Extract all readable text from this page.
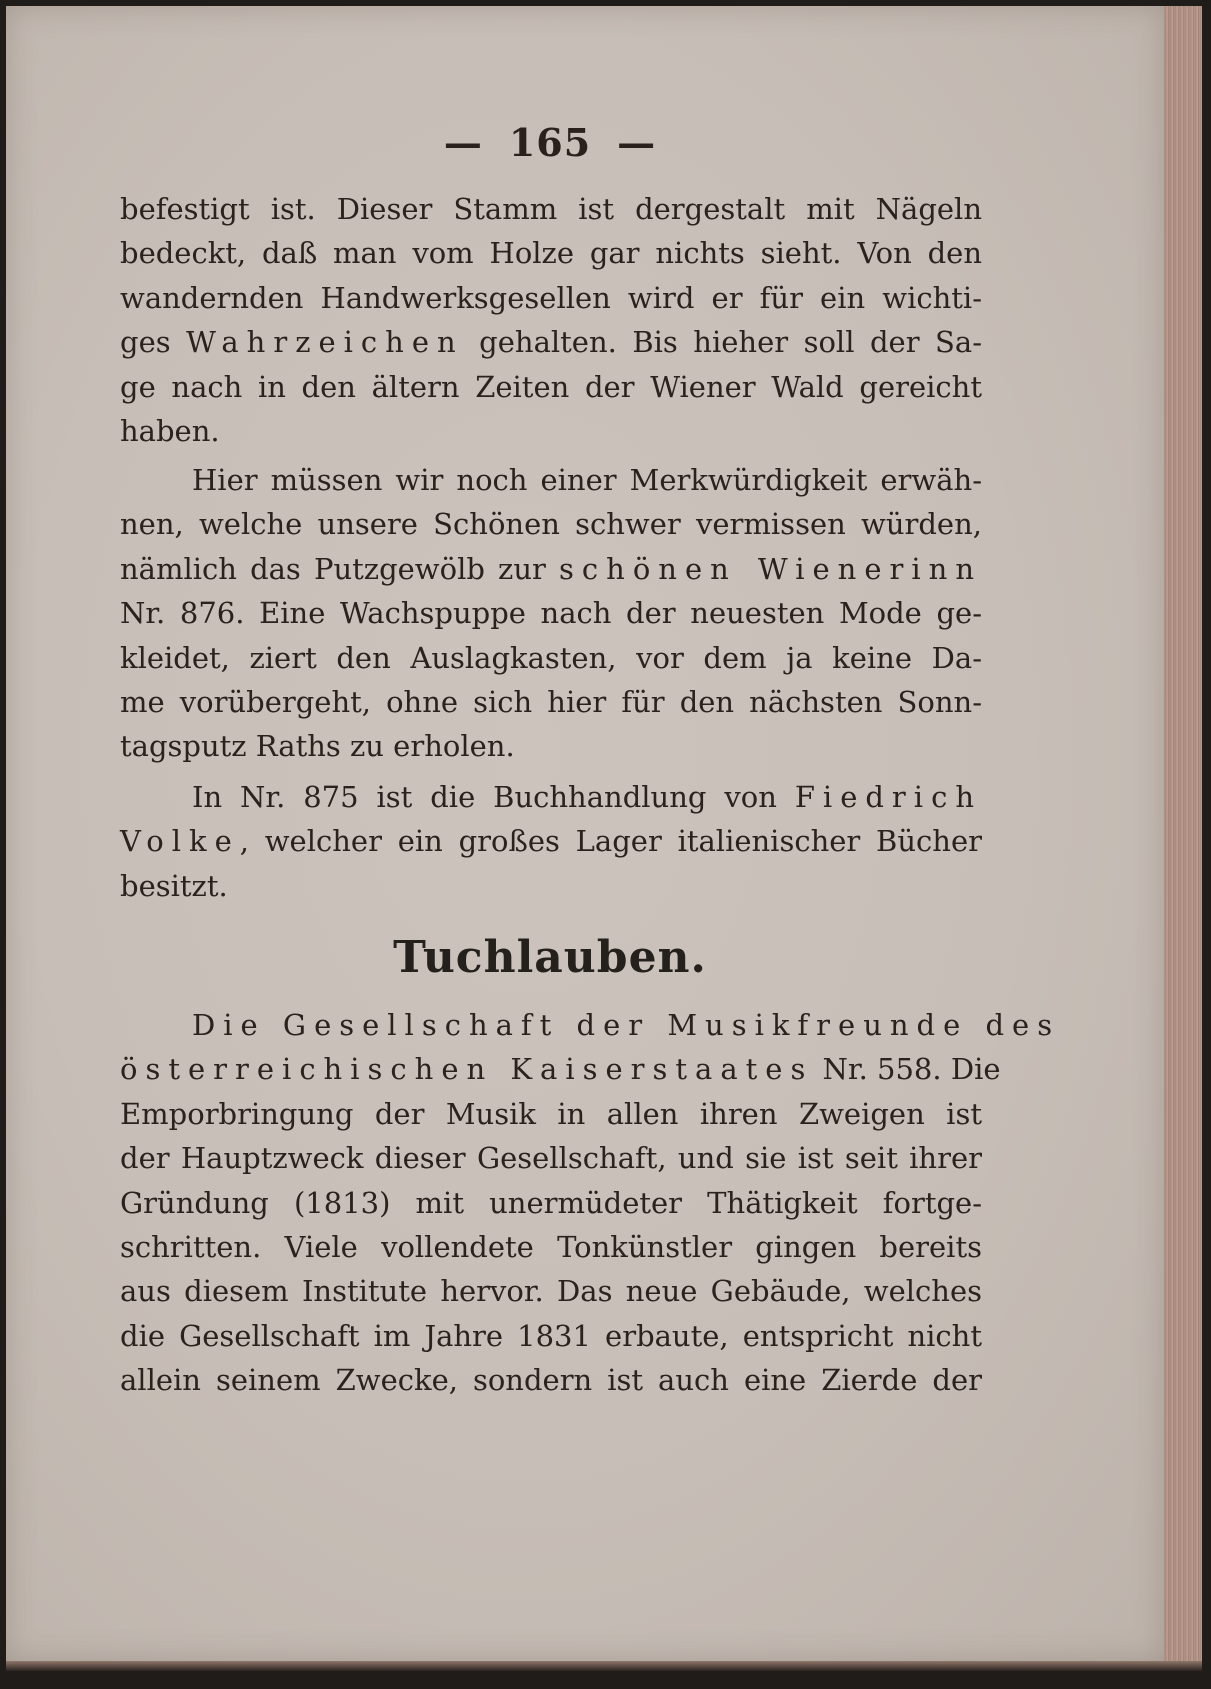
— 165 —
befestigt ist. Dieser Stamm ist dergestalt mit Nägeln
bedeckt, daß man vom Holze gar nichts sieht. Von den
wandernden Handwerksgesellen wird er für ein wichti-
ges Wahrzeichen gehalten. Bis hieher soll der Sa-
ge nach in den ältern Zeiten der Wiener Wald gereicht
haben.
Hier müssen wir noch einer Merkwürdigkeit erwäh-
nen, welche unsere Schönen schwer vermissen würden,
nämlich das Putzgewölb zur schönen Wienerinn
Nr. 876. Eine Wachspuppe nach der neuesten Mode ge-
kleidet, ziert den Auslagkasten, vor dem ja keine Da-
me vorübergeht, ohne sich hier für den nächsten Sonn-
tagsputz Raths zu erholen.
In Nr. 875 ist die Buchhandlung von Fiedrich
Volke, welcher ein großes Lager italienischer Bücher
besitzt.
Tuchlauben.
Die Gesellschaft der Musikfreunde des
österreichischen Kaiserstaates Nr. 558. Die
Emporbringung der Musik in allen ihren Zweigen ist
der Hauptzweck dieser Gesellschaft, und sie ist seit ihrer
Gründung (1813) mit unermüdeter Thätigkeit fortge-
schritten. Viele vollendete Tonkünstler gingen bereits
aus diesem Institute hervor. Das neue Gebäude, welches
die Gesellschaft im Jahre 1831 erbaute, entspricht nicht
allein seinem Zwecke, sondern ist auch eine Zierde der
